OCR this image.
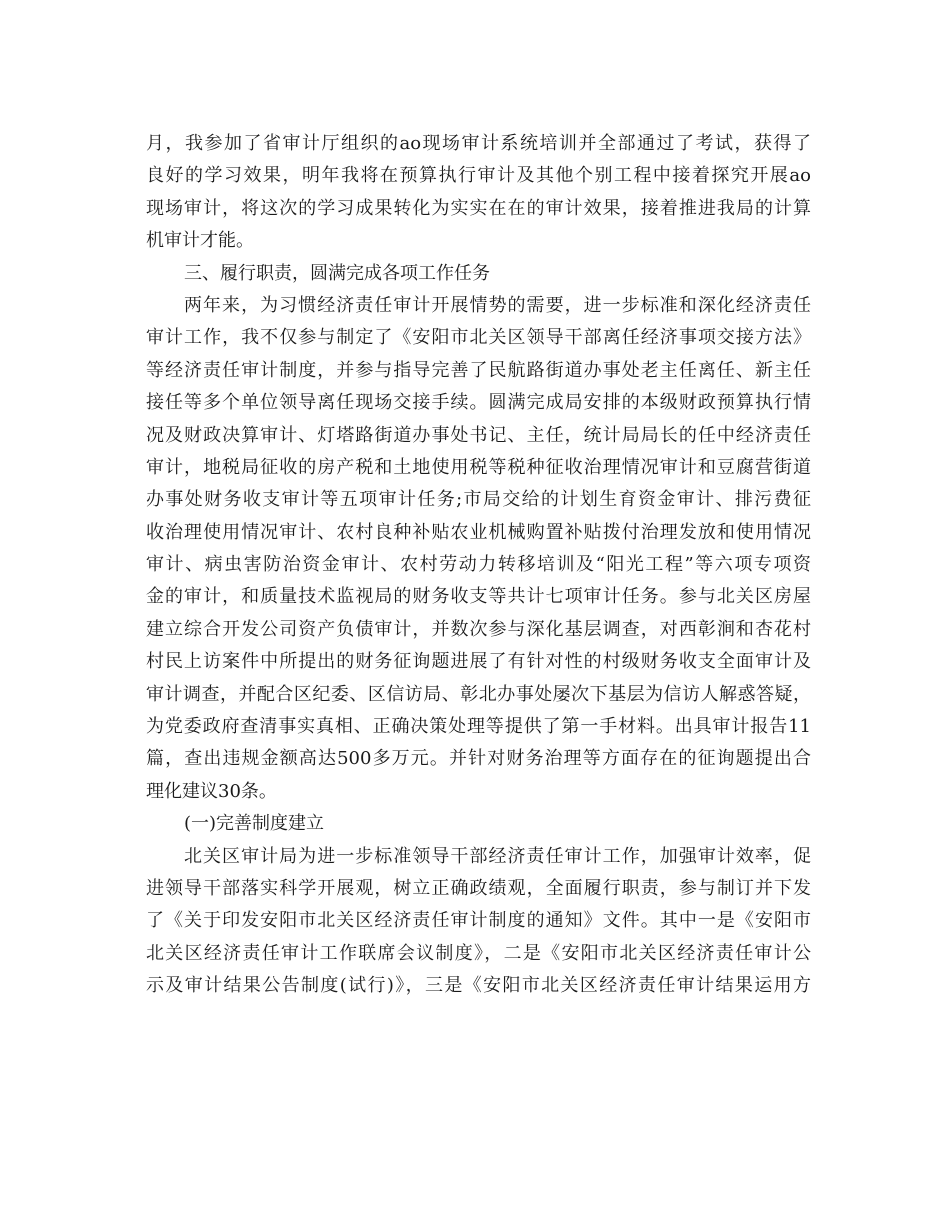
月，我参加了省审计厅组织的ao现场审计系统培训并全部通过了考试，获得了
良好的学习效果，明年我将在预算执行审计及其他个别工程中接着探究开展ao
现场审计，将这次的学习成果转化为实实在在的审计效果，接着推进我局的计算
机审计才能。
三、履行职责，圆满完成各项工作任务
两年来，为习惯经济责任审计开展情势的需要，进一步标准和深化经济责任
审计工作，我不仅参与制定了《安阳市北关区领导干部离任经济事项交接方法》
等经济责任审计制度，并参与指导完善了民航路街道办事处老主任离任、新主任
接任等多个单位领导离任现场交接手续。圆满完成局安排的本级财政预算执行情
况及财政决算审计、灯塔路街道办事处书记、主任，统计局局长的任中经济责任
审计，地税局征收的房产税和土地使用税等税种征收治理情况审计和豆腐营街道
办事处财务收支审计等五项审计任务;市局交给的计划生育资金审计、排污费征
收治理使用情况审计、农村良种补贴农业机械购置补贴拨付治理发放和使用情况
审计、病虫害防治资金审计、农村劳动力转移培训及“阳光工程”等六项专项资
金的审计，和质量技术监视局的财务收支等共计七项审计任务。参与北关区房屋
建立综合开发公司资产负债审计，并数次参与深化基层调查，对西彰涧和杏花村
村民上访案件中所提出的财务征询题进展了有针对性的村级财务收支全面审计及
审计调查，并配合区纪委、区信访局、彰北办事处屡次下基层为信访人解惑答疑，
为党委政府查清事实真相、正确决策处理等提供了第一手材料。出具审计报告11
篇，查出违规金额高达500多万元。并针对财务治理等方面存在的征询题提出合
理化建议30条。
(一)完善制度建立
北关区审计局为进一步标准领导干部经济责任审计工作，加强审计效率，促
进领导干部落实科学开展观，树立正确政绩观，全面履行职责，参与制订并下发
了《关于印发安阳市北关区经济责任审计制度的通知》文件。其中一是《安阳市
北关区经济责任审计工作联席会议制度》，二是《安阳市北关区经济责任审计公
示及审计结果公告制度(试行)》，三是《安阳市北关区经济责任审计结果运用方
